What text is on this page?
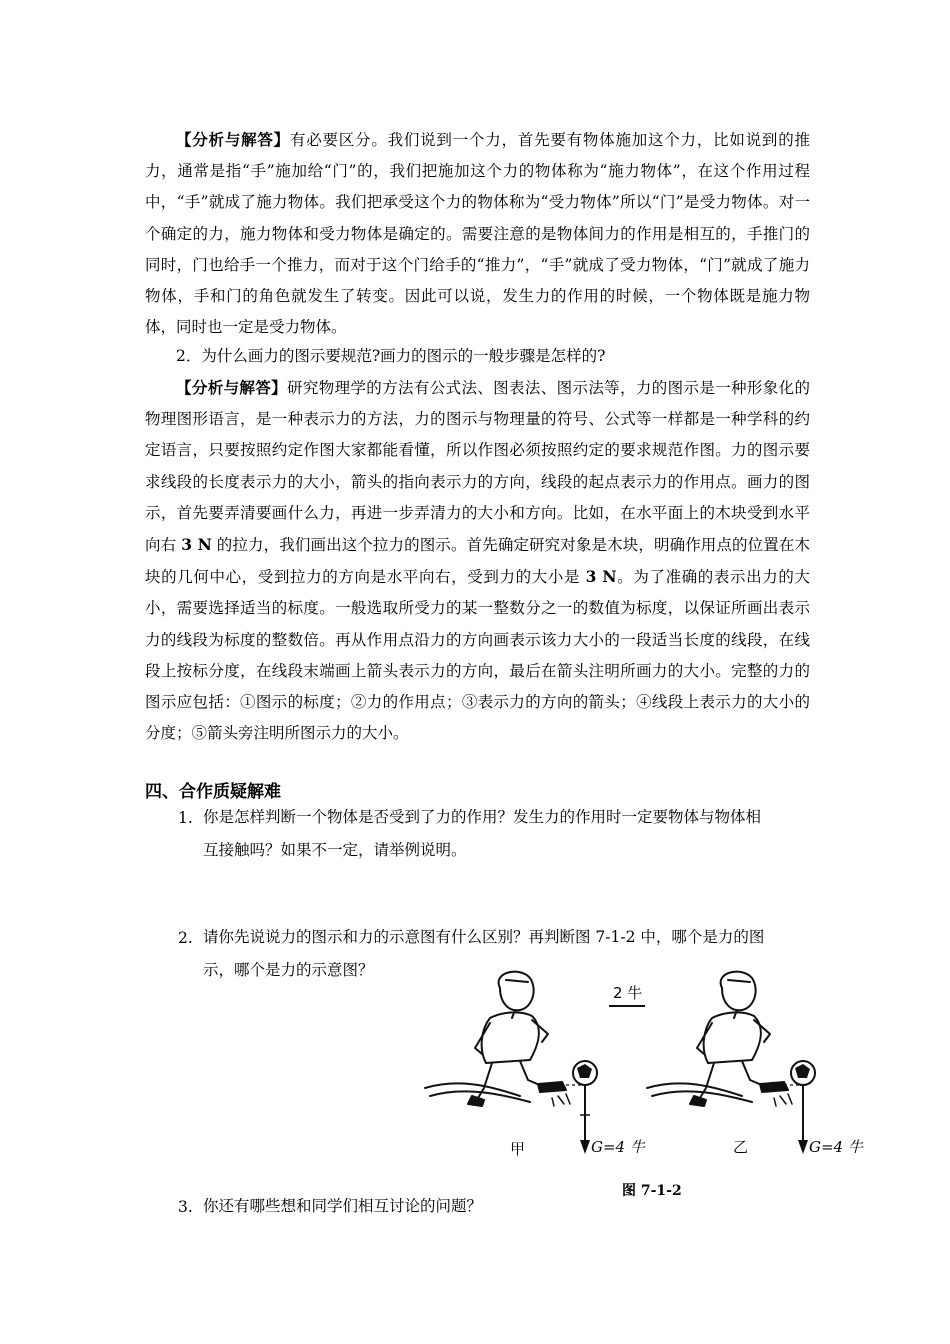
【分析与解答】有必要区分。我们说到一个力，首先要有物体施加这个力，比如说到的推力，通常是指“手”施加给“门”的，我们把施加这个力的物体称为“施力物体”，在这个作用过程中，“手”就成了施力物体。我们把承受这个力的物体称为“受力物体”所以“门”是受力物体。对一个确定的力，施力物体和受力物体是确定的。需要注意的是物体间力的作用是相互的，手推门的同时，门也给手一个推力，而对于这个门给手的“推力”，“手”就成了受力物体，“门”就成了施力物体，手和门的角色就发生了转变。因此可以说，发生力的作用的时候，一个物体既是施力物体，同时也一定是受力物体。

2．为什么画力的图示要规范?画力的图示的一般步骤是怎样的?

【分析与解答】研究物理学的方法有公式法、图表法、图示法等，力的图示是一种形象化的物理图形语言，是一种表示力的方法，力的图示与物理量的符号、公式等一样都是一种学科的约定语言，只要按照约定作图大家都能看懂，所以作图必须按照约定的要求规范作图。力的图示要求线段的长度表示力的大小，箭头的指向表示力的方向，线段的起点表示力的作用点。画力的图示，首先要弄清要画什么力，再进一步弄清力的大小和方向。比如，在水平面上的木块受到水平向右 3 N 的拉力，我们画出这个拉力的图示。首先确定研究对象是木块，明确作用点的位置在木块的几何中心，受到拉力的方向是水平向右，受到力的大小是 3 N。为了准确的表示出力的大小，需要选择适当的标度。一般选取所受力的某一整数分之一的数值为标度，以保证所画出表示力的线段为标度的整数倍。再从作用点沿力的方向画表示该力大小的一段适当长度的线段，在线段上按标分度，在线段末端画上箭头表示力的方向，最后在箭头注明所画力的大小。完整的力的图示应包括：①图示的标度；②力的作用点；③表示力的方向的箭头；④线段上表示力的大小的分度；⑤箭头旁注明所图示力的大小。

四、合作质疑解难

1. 你是怎样判断一个物体是否受到了力的作用？发生力的作用时一定要物体与物体相

互接触吗？如果不一定，请举例说明。

2. 请你先说说力的图示和力的示意图有什么区别？再判断图 7-1-2 中，哪个是力的图

示，哪个是力的示意图？

甲	G=4 牛
2 牛
乙	G=4 牛
图 7-1-2
3. 你还有哪些想和同学们相互讨论的问题？
